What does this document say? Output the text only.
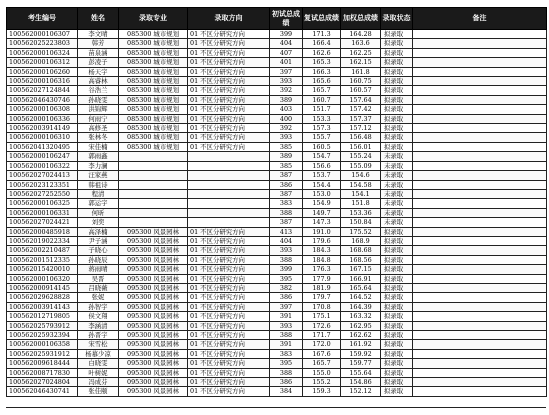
考生编号	姓名	录取专业	录取方向	初试总成绩	复试总成绩	加权总成绩	录取状态	备注
100562000106307	李文晴	085300 城市规划	01 不区分研究方向	399	171.3	164.28	拟录取	
100562025223803	韩芳	085300 城市规划	01 不区分研究方向	404	166.4	163.6	拟录取	
100562000106324	苗泉涵	085300 城市规划	01 不区分研究方向	407	162.6	162.25	拟录取	
100562000106312	彭凌子	085300 城市规划	01 不区分研究方向	401	165.3	162.15	拟录取	
100562000106260	杨天宇	085300 城市规划	01 不区分研究方向	397	166.3	161.8	拟录取	
100562000106316	高睿林	085300 城市规划	01 不区分研究方向	393	165.6	160.75	拟录取	
100562027124844	谷浩兰	085300 城市规划	01 不区分研究方向	392	165.7	160.57	拟录取	
100562046430746	孙晓雯	085300 城市规划	01 不区分研究方向	389	160.7	157.64	拟录取	
100562000106308	洪锦辉	085300 城市规划	01 不区分研究方向	403	151.7	157.42	拟录取	
100562000106336	何雨宁	085300 城市规划	01 不区分研究方向	400	153.3	157.37	拟录取	
100562003914149	高修圣	085300 城市规划	01 不区分研究方向	392	157.3	157.12	拟录取	
100562000106310	张林冬	085300 城市规划	01 不区分研究方向	393	155.7	156.48	拟录取	
100562041320495	宋佳楠	085300 城市规划	01 不区分研究方向	385	160.5	156.01	拟录取	
100562000106247	郭雨鑫			389	154.7	155.24	未录取	
100562000106322	李力澜			385	156.6	155.09	未录取	
100562027024413	汪家燕			387	153.7	154.6	未录取	
100562023123351	韩祖诗			386	154.4	154.58	未录取	
100562027252550	程清			387	153.0	154.1	未录取	
100562000106325	郭运宇			383	154.9	151.8	未录取	
100562000106331	何昕			388	149.7	153.36	未录取	
100562027024421	刘奕			387	147.3	150.84	未录取	
100562000485918	高泽楠	095300 风景园林	01 不区分研究方向	413	191.0	175.52	拟录取	
100562019022334	尹子涵	095300 风景园林	01 不区分研究方向	404	179.6	168.9	拟录取	
100562002210487	子晓心	095300 风景园林	01 不区分研究方向	393	184.3	168.68	拟录取	
100562001512335	孙晓辰	095300 风景园林	01 不区分研究方向	388	184.8	168.56	拟录取	
100562015420010	蒋雨晴	095300 风景园林	01 不区分研究方向	399	176.3	167.15	拟录取	
100562000106320	吴晋	095300 风景园林	01 不区分研究方向	395	177.9	166.91	拟录取	
100562000914145	吕晓薇	095300 风景园林	01 不区分研究方向	382	181.9	165.64	拟录取	
100562029628828	张妮	095300 风景园林	01 不区分研究方向	386	179.7	164.52	拟录取	
100562003914143	孙智宇	095300 风景园林	01 不区分研究方向	397	170.8	164.39	拟录取	
100562012719805	侯文翔	095300 风景园林	01 不区分研究方向	391	175.1	163.32	拟录取	
100562025793912	李涵清	095300 风景园林	01 不区分研究方向	393	172.6	162.95	拟录取	
100562025932394	孙晋宇	095300 风景园林	01 不区分研究方向	388	171.7	162.62	拟录取	
100562000106358	宋雪松	095300 风景园林	01 不区分研究方向	391	172.0	161.92	拟录取	
100562025931912	杨慕少凉	095300 风景园林	01 不区分研究方向	383	167.6	159.92	拟录取	
100562009618444	白晓雯	095300 风景园林	01 不区分研究方向	395	165.7	159.77	拟录取	
100562008717830	叶树妮	095300 风景园林	01 不区分研究方向	388	155.0	155.64	拟录取	
100562027024804	冯成芬	095300 风景园林	01 不区分研究方向	386	155.2	154.86	拟录取	
100562046430741	张佳颐	095300 风景园林	01 不区分研究方向	384	159.3	152.12	拟录取	
